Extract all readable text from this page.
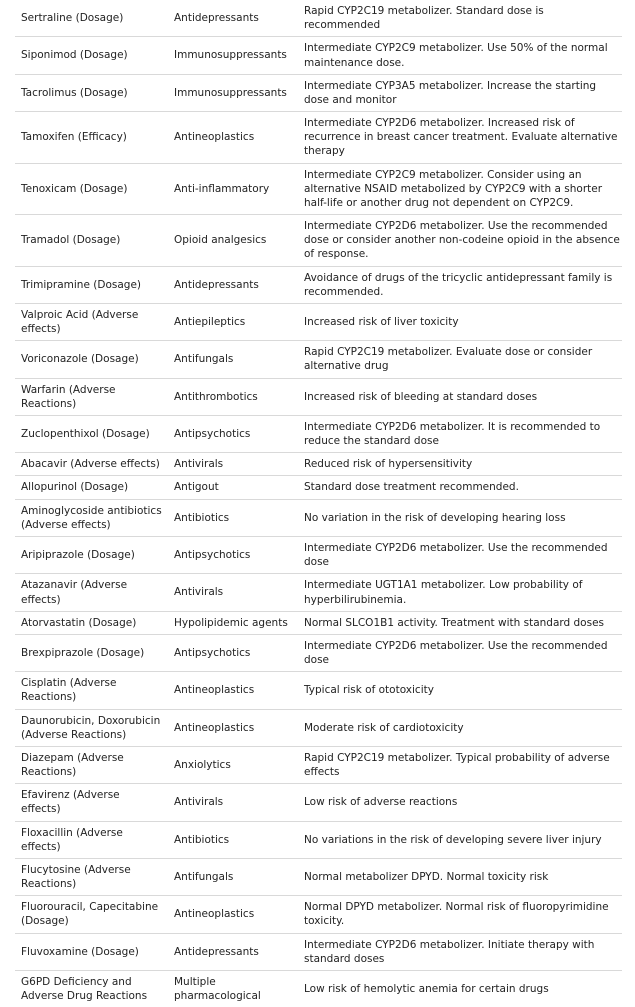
Sertraline (Dosage)	Antidepressants	Rapid CYP2C19 metabolizer. Standard dose is recommended
Siponimod (Dosage)	Immunosuppressants	Intermediate CYP2C9 metabolizer. Use 50% of the normal maintenance dose.
Tacrolimus (Dosage)	Immunosuppressants	Intermediate CYP3A5 metabolizer. Increase the starting dose and monitor
Tamoxifen (Efficacy)	Antineoplastics	Intermediate CYP2D6 metabolizer. Increased risk of recurrence in breast cancer treatment. Evaluate alternative therapy
Tenoxicam (Dosage)	Anti-inflammatory	Intermediate CYP2C9 metabolizer. Consider using an alternative NSAID metabolized by CYP2C9 with a shorter half-life or another drug not dependent on CYP2C9.
Tramadol (Dosage)	Opioid analgesics	Intermediate CYP2D6 metabolizer. Use the recommended dose or consider another non-codeine opioid in the absence of response.
Trimipramine (Dosage)	Antidepressants	Avoidance of drugs of the tricyclic antidepressant family is recommended.
Valproic Acid (Adverse effects)	Antiepileptics	Increased risk of liver toxicity
Voriconazole (Dosage)	Antifungals	Rapid CYP2C19 metabolizer. Evaluate dose or consider alternative drug
Warfarin (Adverse Reactions)	Antithrombotics	Increased risk of bleeding at standard doses
Zuclopenthixol (Dosage)	Antipsychotics	Intermediate CYP2D6 metabolizer. It is recommended to reduce the standard dose
Abacavir (Adverse effects)	Antivirals	Reduced risk of hypersensitivity
Allopurinol (Dosage)	Antigout	Standard dose treatment recommended.
Aminoglycoside antibiotics (Adverse effects)	Antibiotics	No variation in the risk of developing hearing loss
Aripiprazole (Dosage)	Antipsychotics	Intermediate CYP2D6 metabolizer. Use the recommended dose
Atazanavir (Adverse effects)	Antivirals	Intermediate UGT1A1 metabolizer. Low probability of hyperbilirubinemia.
Atorvastatin (Dosage)	Hypolipidemic agents	Normal SLCO1B1 activity. Treatment with standard doses
Brexpiprazole (Dosage)	Antipsychotics	Intermediate CYP2D6 metabolizer. Use the recommended dose
Cisplatin (Adverse Reactions)	Antineoplastics	Typical risk of ototoxicity
Daunorubicin, Doxorubicin (Adverse Reactions)	Antineoplastics	Moderate risk of cardiotoxicity
Diazepam (Adverse Reactions)	Anxiolytics	Rapid CYP2C19 metabolizer. Typical probability of adverse effects
Efavirenz (Adverse effects)	Antivirals	Low risk of adverse reactions
Floxacillin (Adverse effects)	Antibiotics	No variations in the risk of developing severe liver injury
Flucytosine (Adverse Reactions)	Antifungals	Normal metabolizer DPYD. Normal toxicity risk
Fluorouracil, Capecitabine (Dosage)	Antineoplastics	Normal DPYD metabolizer. Normal risk of fluoropyrimidine toxicity.
Fluvoxamine (Dosage)	Antidepressants	Intermediate CYP2D6 metabolizer. Initiate therapy with standard doses
G6PD Deficiency and Adverse Drug Reactions	Multiple pharmacological	Low risk of hemolytic anemia for certain drugs
